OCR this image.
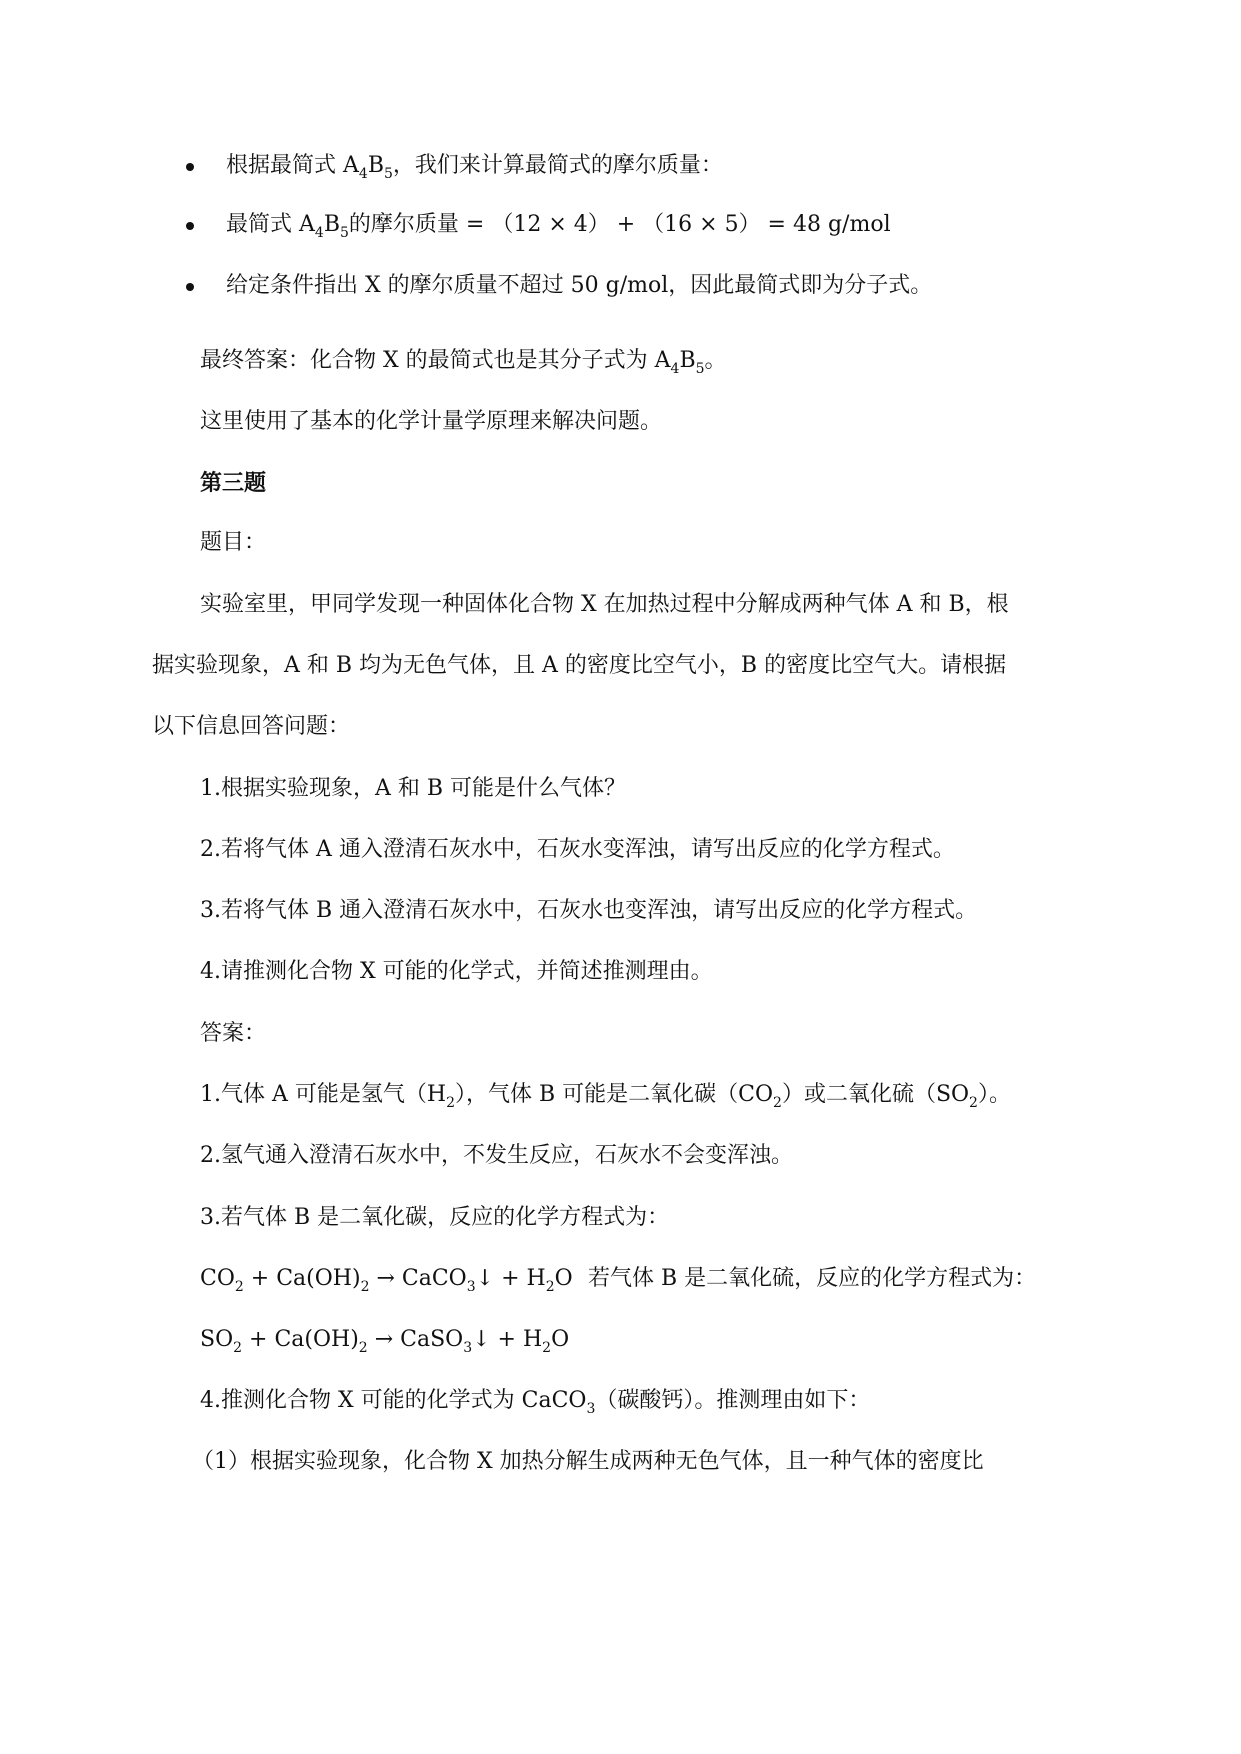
根据最简式 $A_4B_5$，我们来计算最简式的摩尔质量：
最简式 $A_4B_5$的摩尔质量 = （12 × 4） + （16 × 5） = 48 g/mol
给定条件指出 X 的摩尔质量不超过 50 g/mol，因此最简式即为分子式。
最终答案：化合物 X 的最简式也是其分子式为 $A_4B_5$。
这里使用了基本的化学计量学原理来解决问题。
第三题
题目：
实验室里，甲同学发现一种固体化合物 X 在加热过程中分解成两种气体 A 和 B，根
据实验现象，A 和 B 均为无色气体，且 A 的密度比空气小，B 的密度比空气大。请根据
以下信息回答问题：
1.根据实验现象，A 和 B 可能是什么气体？
2.若将气体 A 通入澄清石灰水中，石灰水变浑浊，请写出反应的化学方程式。
3.若将气体 B 通入澄清石灰水中，石灰水也变浑浊，请写出反应的化学方程式。
4.请推测化合物 X 可能的化学式，并简述推测理由。
答案：
1.气体 A 可能是氢气$(H_2)$，气体 B 可能是二氧化碳$(CO_2)$或二氧化硫$(SO_2)$。
2.氢气通入澄清石灰水中，不发生反应，石灰水不会变浑浊。
3.若气体 B 是二氧化碳，反应的化学方程式为：
$CO_2 + Ca(OH)_2$ → CaCO$_3$↓ + $H_2O$ 若气体 B 是二氧化硫，反应的化学方程式为：
$SO_2 + Ca(OH)_2$ → CaSO$_3$↓ + $H_2O$
4.推测化合物 X 可能的化学式为 CaCO$_3$（碳酸钙）。推测理由如下：
（1）根据实验现象，化合物 X 加热分解生成两种无色气体，且一种气体的密度比
